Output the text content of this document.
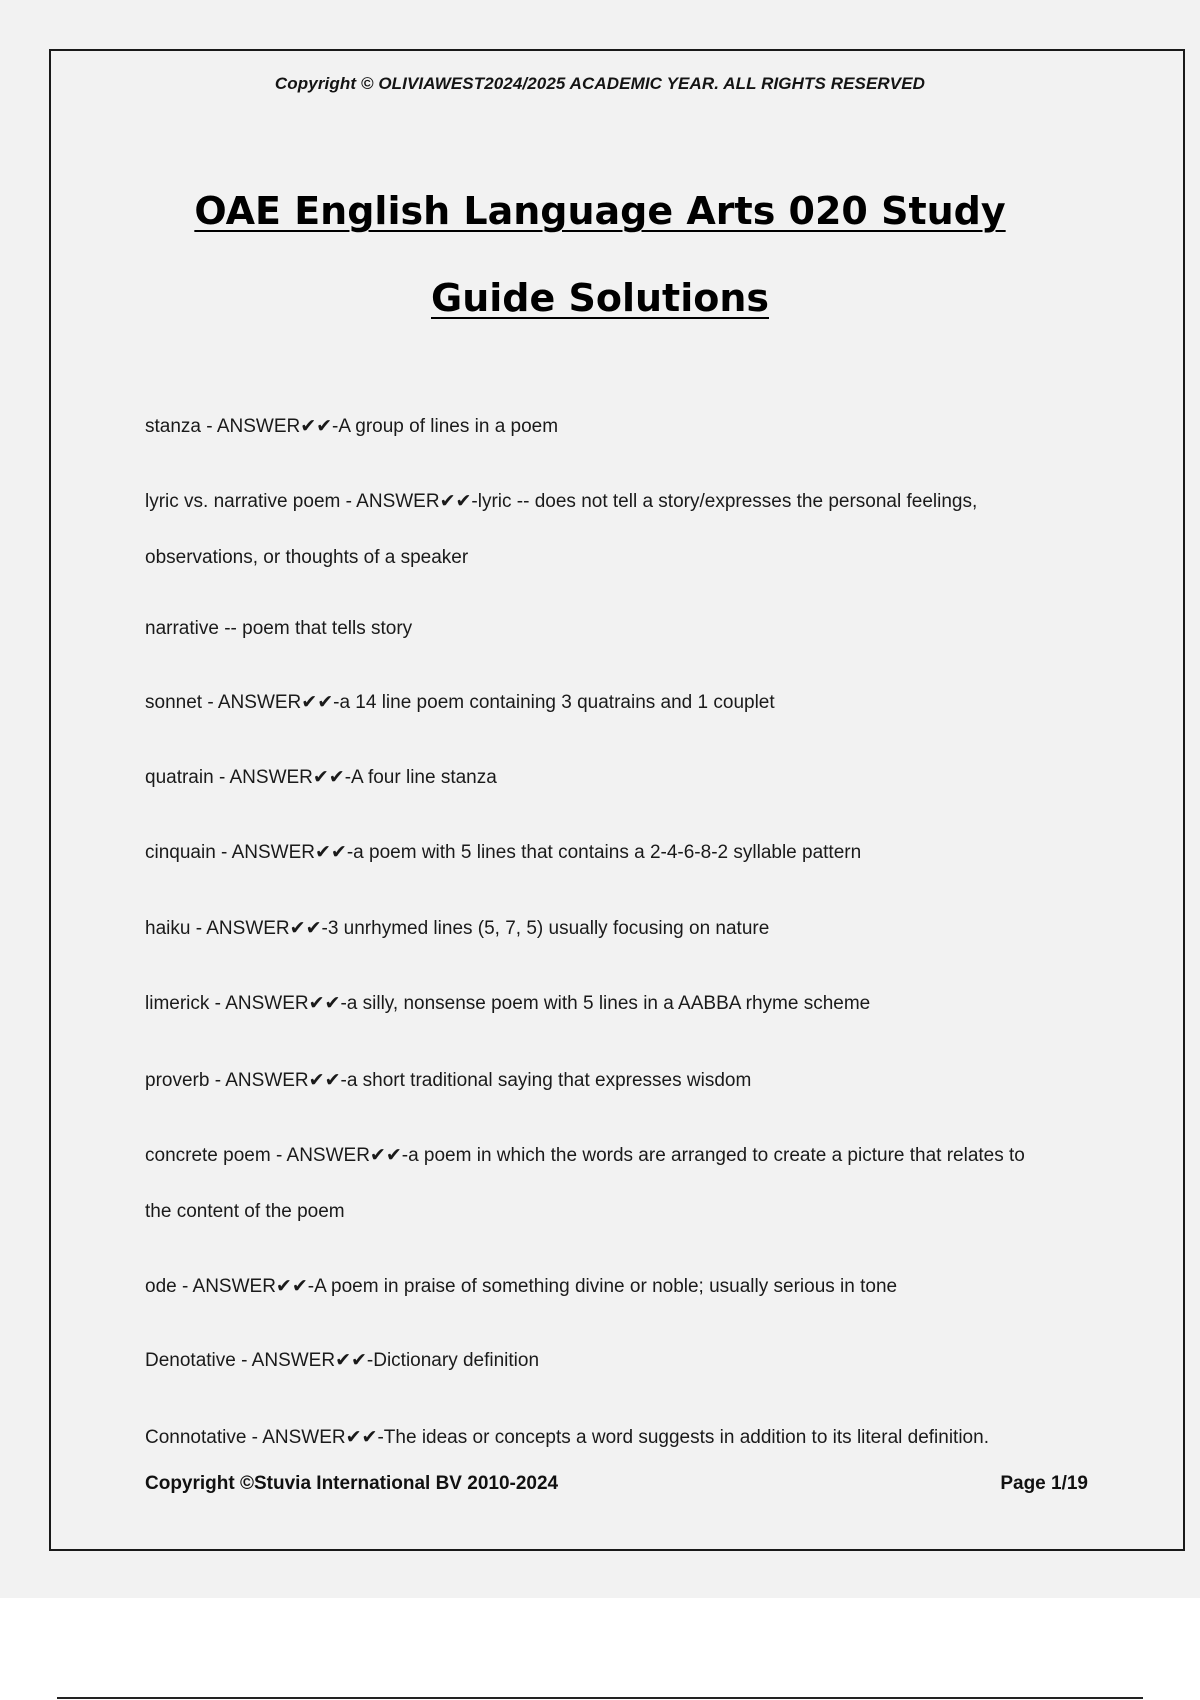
Copyright © OLIVIAWEST2024/2025 ACADEMIC YEAR. ALL RIGHTS RESERVED
OAE English Language Arts 020 Study
Guide Solutions

stanza - ANSWER✔✔-A group of lines in a poem

lyric vs. narrative poem - ANSWER✔✔-lyric -- does not tell a story/expresses the personal feelings,

observations, or thoughts of a speaker

narrative -- poem that tells story

sonnet - ANSWER✔✔-a 14 line poem containing 3 quatrains and 1 couplet

quatrain - ANSWER✔✔-A four line stanza

cinquain - ANSWER✔✔-a poem with 5 lines that contains a 2-4-6-8-2 syllable pattern

haiku - ANSWER✔✔-3 unrhymed lines (5, 7, 5) usually focusing on nature

limerick - ANSWER✔✔-a silly, nonsense poem with 5 lines in a AABBA rhyme scheme

proverb - ANSWER✔✔-a short traditional saying that expresses wisdom

concrete poem - ANSWER✔✔-a poem in which the words are arranged to create a picture that relates to

the content of the poem

ode - ANSWER✔✔-A poem in praise of something divine or noble; usually serious in tone

Denotative - ANSWER✔✔-Dictionary definition

Connotative - ANSWER✔✔-The ideas or concepts a word suggests in addition to its literal definition.

Copyright ©Stuvia International BV 2010-2024	Page 1/19
